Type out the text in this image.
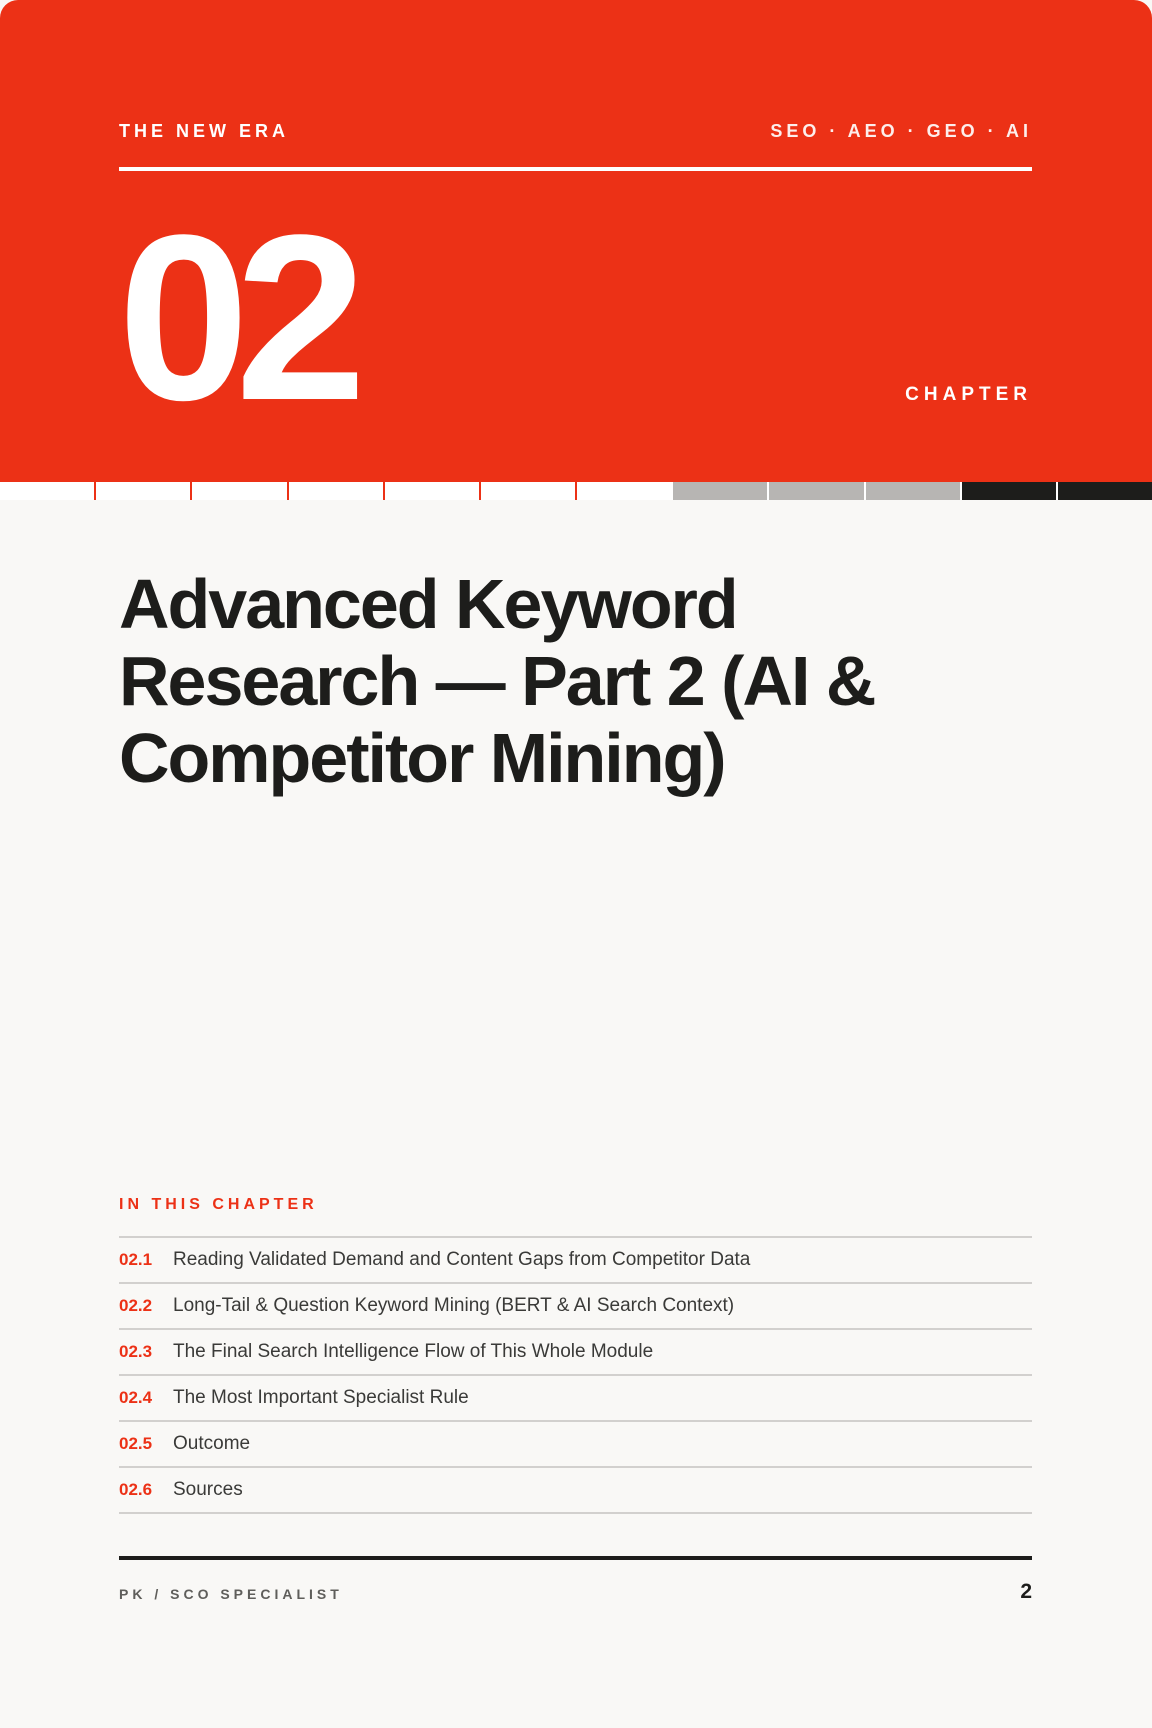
THE NEW ERA	SEO · AEO · GEO · AI
02	CHAPTER
Advanced Keyword Research — Part 2 (AI & Competitor Mining)
IN THIS CHAPTER
02.1	Reading Validated Demand and Content Gaps from Competitor Data
02.2	Long-Tail & Question Keyword Mining (BERT & AI Search Context)
02.3	The Final Search Intelligence Flow of This Whole Module
02.4	The Most Important Specialist Rule
02.5	Outcome
02.6	Sources
PK / SCO SPECIALIST	2
